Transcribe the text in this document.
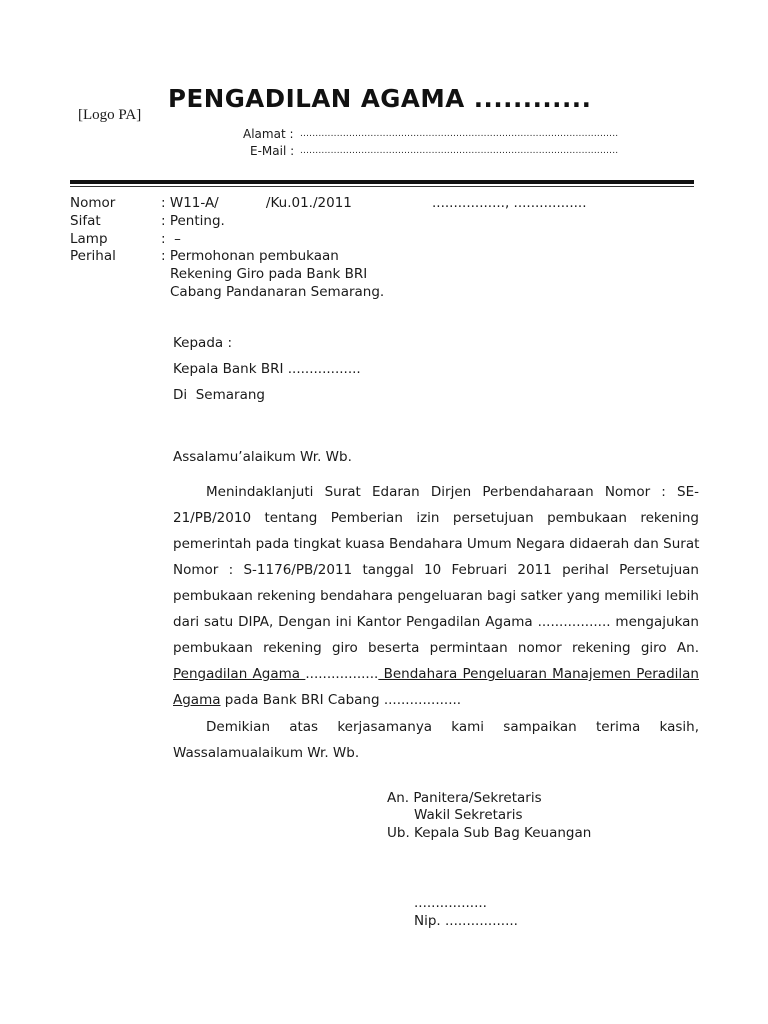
[Logo PA]
PENGADILAN AGAMA ............
Alamat : ........................................................................................................
E-Mail : ........................................................................................................
Nomor	: W11-A/           /Ku.01./2011	................., .................
Sifat	: Penting.
Lamp	:  –
Perihal	: Permohonan pembukaan
Rekening Giro pada Bank BRI
Cabang Pandanaran Semarang.
Kepada :
Kepala Bank BRI .................
Di  Semarang
Assalamu’alaikum Wr. Wb.
Menindaklanjuti Surat Edaran Dirjen Perbendaharaan Nomor : SE-
21/PB/2010 tentang Pemberian izin persetujuan pembukaan rekening
pemerintah pada tingkat kuasa Bendahara Umum Negara didaerah dan Surat
Nomor : S-1176/PB/2011 tanggal 10 Februari 2011 perihal Persetujuan
pembukaan rekening bendahara pengeluaran bagi satker yang memiliki lebih
dari satu DIPA, Dengan ini Kantor Pengadilan Agama ................. mengajukan
pembukaan rekening giro beserta permintaan nomor rekening giro An.
Pengadilan Agama ................. Bendahara Pengeluaran Manajemen Peradilan
Agama pada Bank BRI Cabang ..................
Demikian atas kerjasamanya kami sampaikan terima kasih,
Wassalamualaikum Wr. Wb.
An. Panitera/Sekretaris
Wakil Sekretaris
Ub. Kepala Sub Bag Keuangan
.................
Nip. .................
